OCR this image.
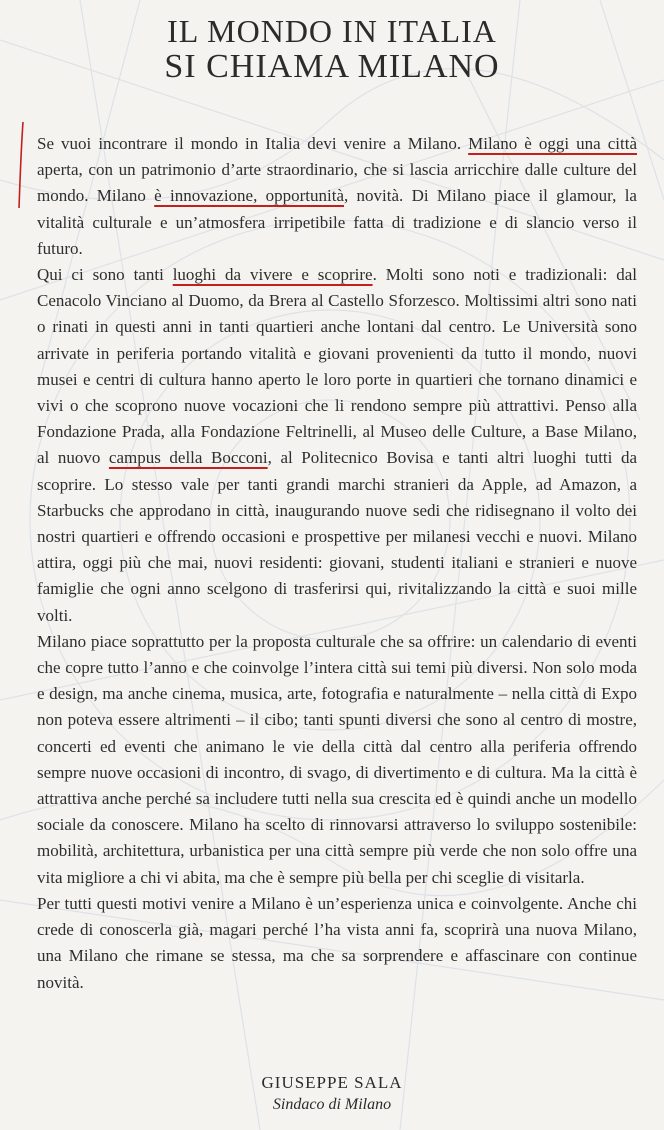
IL MONDO IN ITALIA
SI CHIAMA MILANO

Se vuoi incontrare il mondo in Italia devi venire a Milano. Milano è oggi una città aperta, con un patrimonio d’arte straordinario, che si lascia arricchire dalle culture del mondo. Milano è innovazione, opportunità, novità. Di Milano piace il glamour, la vitalità culturale e un’atmosfera irripetibile fatta di tradizione e di slancio verso il futuro.

Qui ci sono tanti luoghi da vivere e scoprire. Molti sono noti e tradizionali: dal Cenacolo Vinciano al Duomo, da Brera al Castello Sforzesco. Moltissimi altri sono nati o rinati in questi anni in tanti quartieri anche lontani dal centro. Le Università sono arrivate in periferia portando vitalità e giovani provenienti da tutto il mondo, nuovi musei e centri di cultura hanno aperto le loro porte in quartieri che tornano dinamici e vivi o che scoprono nuove vocazioni che li rendono sempre più attrattivi. Penso alla Fondazione Prada, alla Fondazione Feltrinelli, al Museo delle Culture, a Base Milano, al nuovo campus della Bocconi, al Politecnico Bovisa e tanti altri luoghi tutti da scoprire. Lo stesso vale per tanti grandi marchi stranieri da Apple, ad Amazon, a Starbucks che approdano in città, inaugurando nuove sedi che ridisegnano il volto dei nostri quartieri e offrendo occasioni e prospettive per milanesi vecchi e nuovi. Milano attira, oggi più che mai, nuovi residenti: giovani, studenti italiani e stranieri e nuove famiglie che ogni anno scelgono di trasferirsi qui, rivitalizzando la città e suoi mille volti.

Milano piace soprattutto per la proposta culturale che sa offrire: un calendario di eventi che copre tutto l’anno e che coinvolge l’intera città sui temi più diversi. Non solo moda e design, ma anche cinema, musica, arte, fotografia e naturalmente – nella città di Expo non poteva essere altrimenti – il cibo; tanti spunti diversi che sono al centro di mostre, concerti ed eventi che animano le vie della città dal centro alla periferia offrendo sempre nuove occasioni di incontro, di svago, di divertimento e di cultura. Ma la città è attrattiva anche perché sa includere tutti nella sua crescita ed è quindi anche un modello sociale da conoscere. Milano ha scelto di rinnovarsi attraverso lo sviluppo sostenibile: mobilità, architettura, urbanistica per una città sempre più verde che non solo offre una vita migliore a chi vi abita, ma che è sempre più bella per chi sceglie di visitarla.

Per tutti questi motivi venire a Milano è un’esperienza unica e coinvolgente. Anche chi crede di conoscerla già, magari perché l’ha vista anni fa, scoprirà una nuova Milano, una Milano che rimane se stessa, ma che sa sorprendere e affascinare con continue novità.

GIUSEPPE SALA
Sindaco di Milano
